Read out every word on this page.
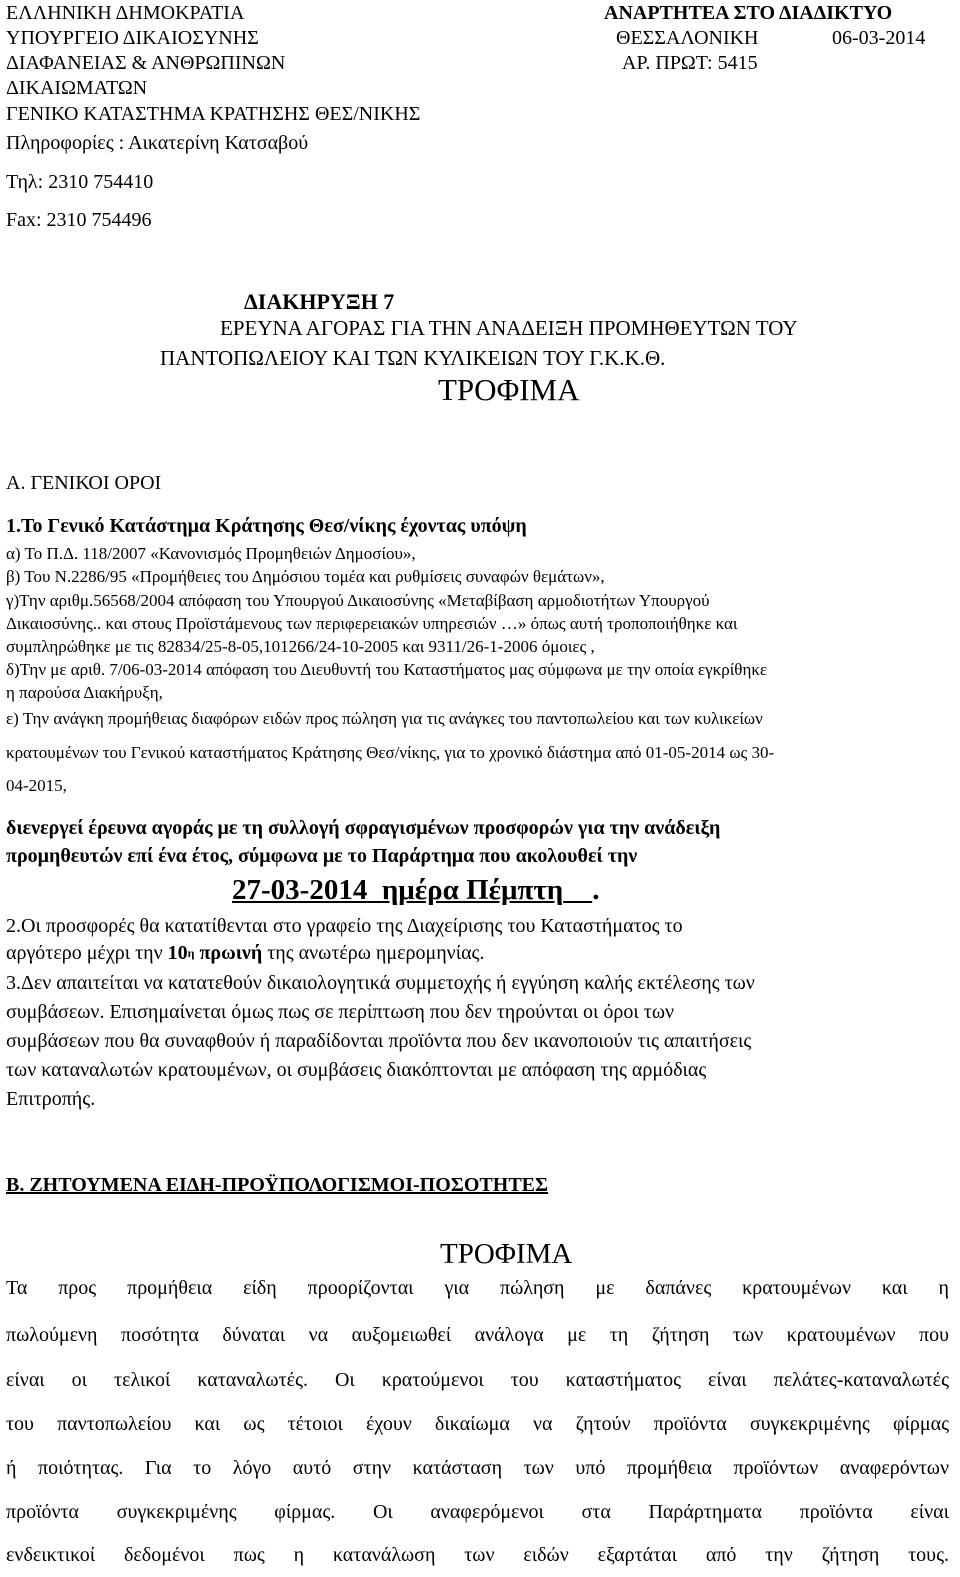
ΕΛΛΗΝΙΚΗ ΔΗΜΟΚΡΑΤΙΑ
ΥΠΟΥΡΓΕΙΟ ΔΙΚΑΙΟΣΥΝΗΣ
ΔΙΑΦΑΝΕΙΑΣ & ΑΝΘΡΩΠΙΝΩΝ
ΔΙΚΑΙΩΜΑΤΩΝ
ΓΕΝΙΚΟ ΚΑΤΑΣΤΗΜΑ ΚΡΑΤΗΣΗΣ ΘΕΣ/ΝΙΚΗΣ
Πληροφορίες : Αικατερίνη Κατσαβού
Τηλ: 2310 754410
Fax: 2310 754496
ΑΝΑΡΤΗΤΕΑ ΣΤΟ ΔΙΑΔΙΚΤΥΟ
ΘΕΣΣΑΛΟΝΙΚΗ	06-03-2014
ΑΡ. ΠΡΩΤ: 5415
ΔΙΑΚΗΡΥΞΗ 7
ΕΡΕΥΝΑ ΑΓΟΡΑΣ ΓΙΑ ΤΗΝ ΑΝΑΔΕΙΞΗ ΠΡΟΜΗΘΕΥΤΩΝ ΤΟΥ
ΠΑΝΤΟΠΩΛΕΙΟΥ ΚΑΙ ΤΩΝ ΚΥΛΙΚΕΙΩΝ ΤΟΥ Γ.Κ.Κ.Θ.
ΤΡΟΦΙΜΑ
Α. ΓΕΝΙΚΟΙ ΟΡΟΙ
1.Το Γενικό Κατάστημα Κράτησης Θεσ/νίκης έχοντας υπόψη
α) Το Π.Δ. 118/2007 «Κανονισμός Προμηθειών Δημοσίου»,
β) Του Ν.2286/95 «Προμήθειες του Δημόσιου τομέα και ρυθμίσεις συναφών θεμάτων»,
γ)Την αριθμ.56568/2004 απόφαση του Υπουργού Δικαιοσύνης «Μεταβίβαση αρμοδιοτήτων Υπουργού
Δικαιοσύνης.. και στους Προϊστάμενους των περιφερειακών υπηρεσιών …» όπως αυτή τροποποιήθηκε και
συμπληρώθηκε με τις 82834/25-8-05,101266/24-10-2005 και 9311/26-1-2006 όμοιες ,
δ)Την με αριθ. 7/06-03-2014 απόφαση του Διευθυντή του Καταστήματος μας σύμφωνα με την οποία εγκρίθηκε
η παρούσα Διακήρυξη,
ε) Την ανάγκη προμήθειας διαφόρων ειδών προς πώληση για τις ανάγκες του παντοπωλείου και των κυλικείων
κρατουμένων του Γενικού καταστήματος Κράτησης Θεσ/νίκης, για το χρονικό διάστημα από 01-05-2014 ως 30-
04-2015,
διενεργεί έρευνα αγοράς με τη συλλογή σφραγισμένων προσφορών για την ανάδειξη
προμηθευτών επί ένα έτος, σύμφωνα με το Παράρτημα που ακολουθεί την
27-03-2014 ημέρα Πέμπτη .
2.Οι προσφορές θα κατατίθενται στο γραφείο της Διαχείρισης του Καταστήματος το
αργότερο μέχρι την $10^\eta$ πρωινή της ανωτέρω ημερομηνίας.
3.Δεν απαιτείται να κατατεθούν δικαιολογητικά συμμετοχής ή εγγύηση καλής εκτέλεσης των
συμβάσεων. Επισημαίνεται όμως πως σε περίπτωση που δεν τηρούνται οι όροι των
συμβάσεων που θα συναφθούν ή παραδίδονται προϊόντα που δεν ικανοποιούν τις απαιτήσεις
των καταναλωτών κρατουμένων, οι συμβάσεις διακόπτονται με απόφαση της αρμόδιας
Επιτροπής.
Β. ΖΗΤΟΥΜΕΝΑ ΕΙΔΗ-ΠΡΟΫΠΟΛΟΓΙΣΜΟΙ-ΠΟΣΟΤΗΤΕΣ
ΤΡΟΦΙΜΑ
Τα προς προμήθεια είδη προορίζονται για πώληση με δαπάνες κρατουμένων και η
πωλούμενη ποσότητα δύναται να αυξομειωθεί ανάλογα με τη ζήτηση των κρατουμένων που
είναι οι τελικοί καταναλωτές. Οι κρατούμενοι του καταστήματος είναι πελάτες-καταναλωτές
του παντοπωλείου και ως τέτοιοι έχουν δικαίωμα να ζητούν προϊόντα συγκεκριμένης φίρμας
ή ποιότητας. Για το λόγο αυτό στην κατάσταση των υπό προμήθεια προϊόντων αναφερόντων
προϊόντα συγκεκριμένης φίρμας. Οι αναφερόμενοι στα Παράρτηματα προϊόντα είναι
ενδεικτικοί δεδομένοι πως η κατανάλωση των ειδών εξαρτάται από την ζήτηση τους.
